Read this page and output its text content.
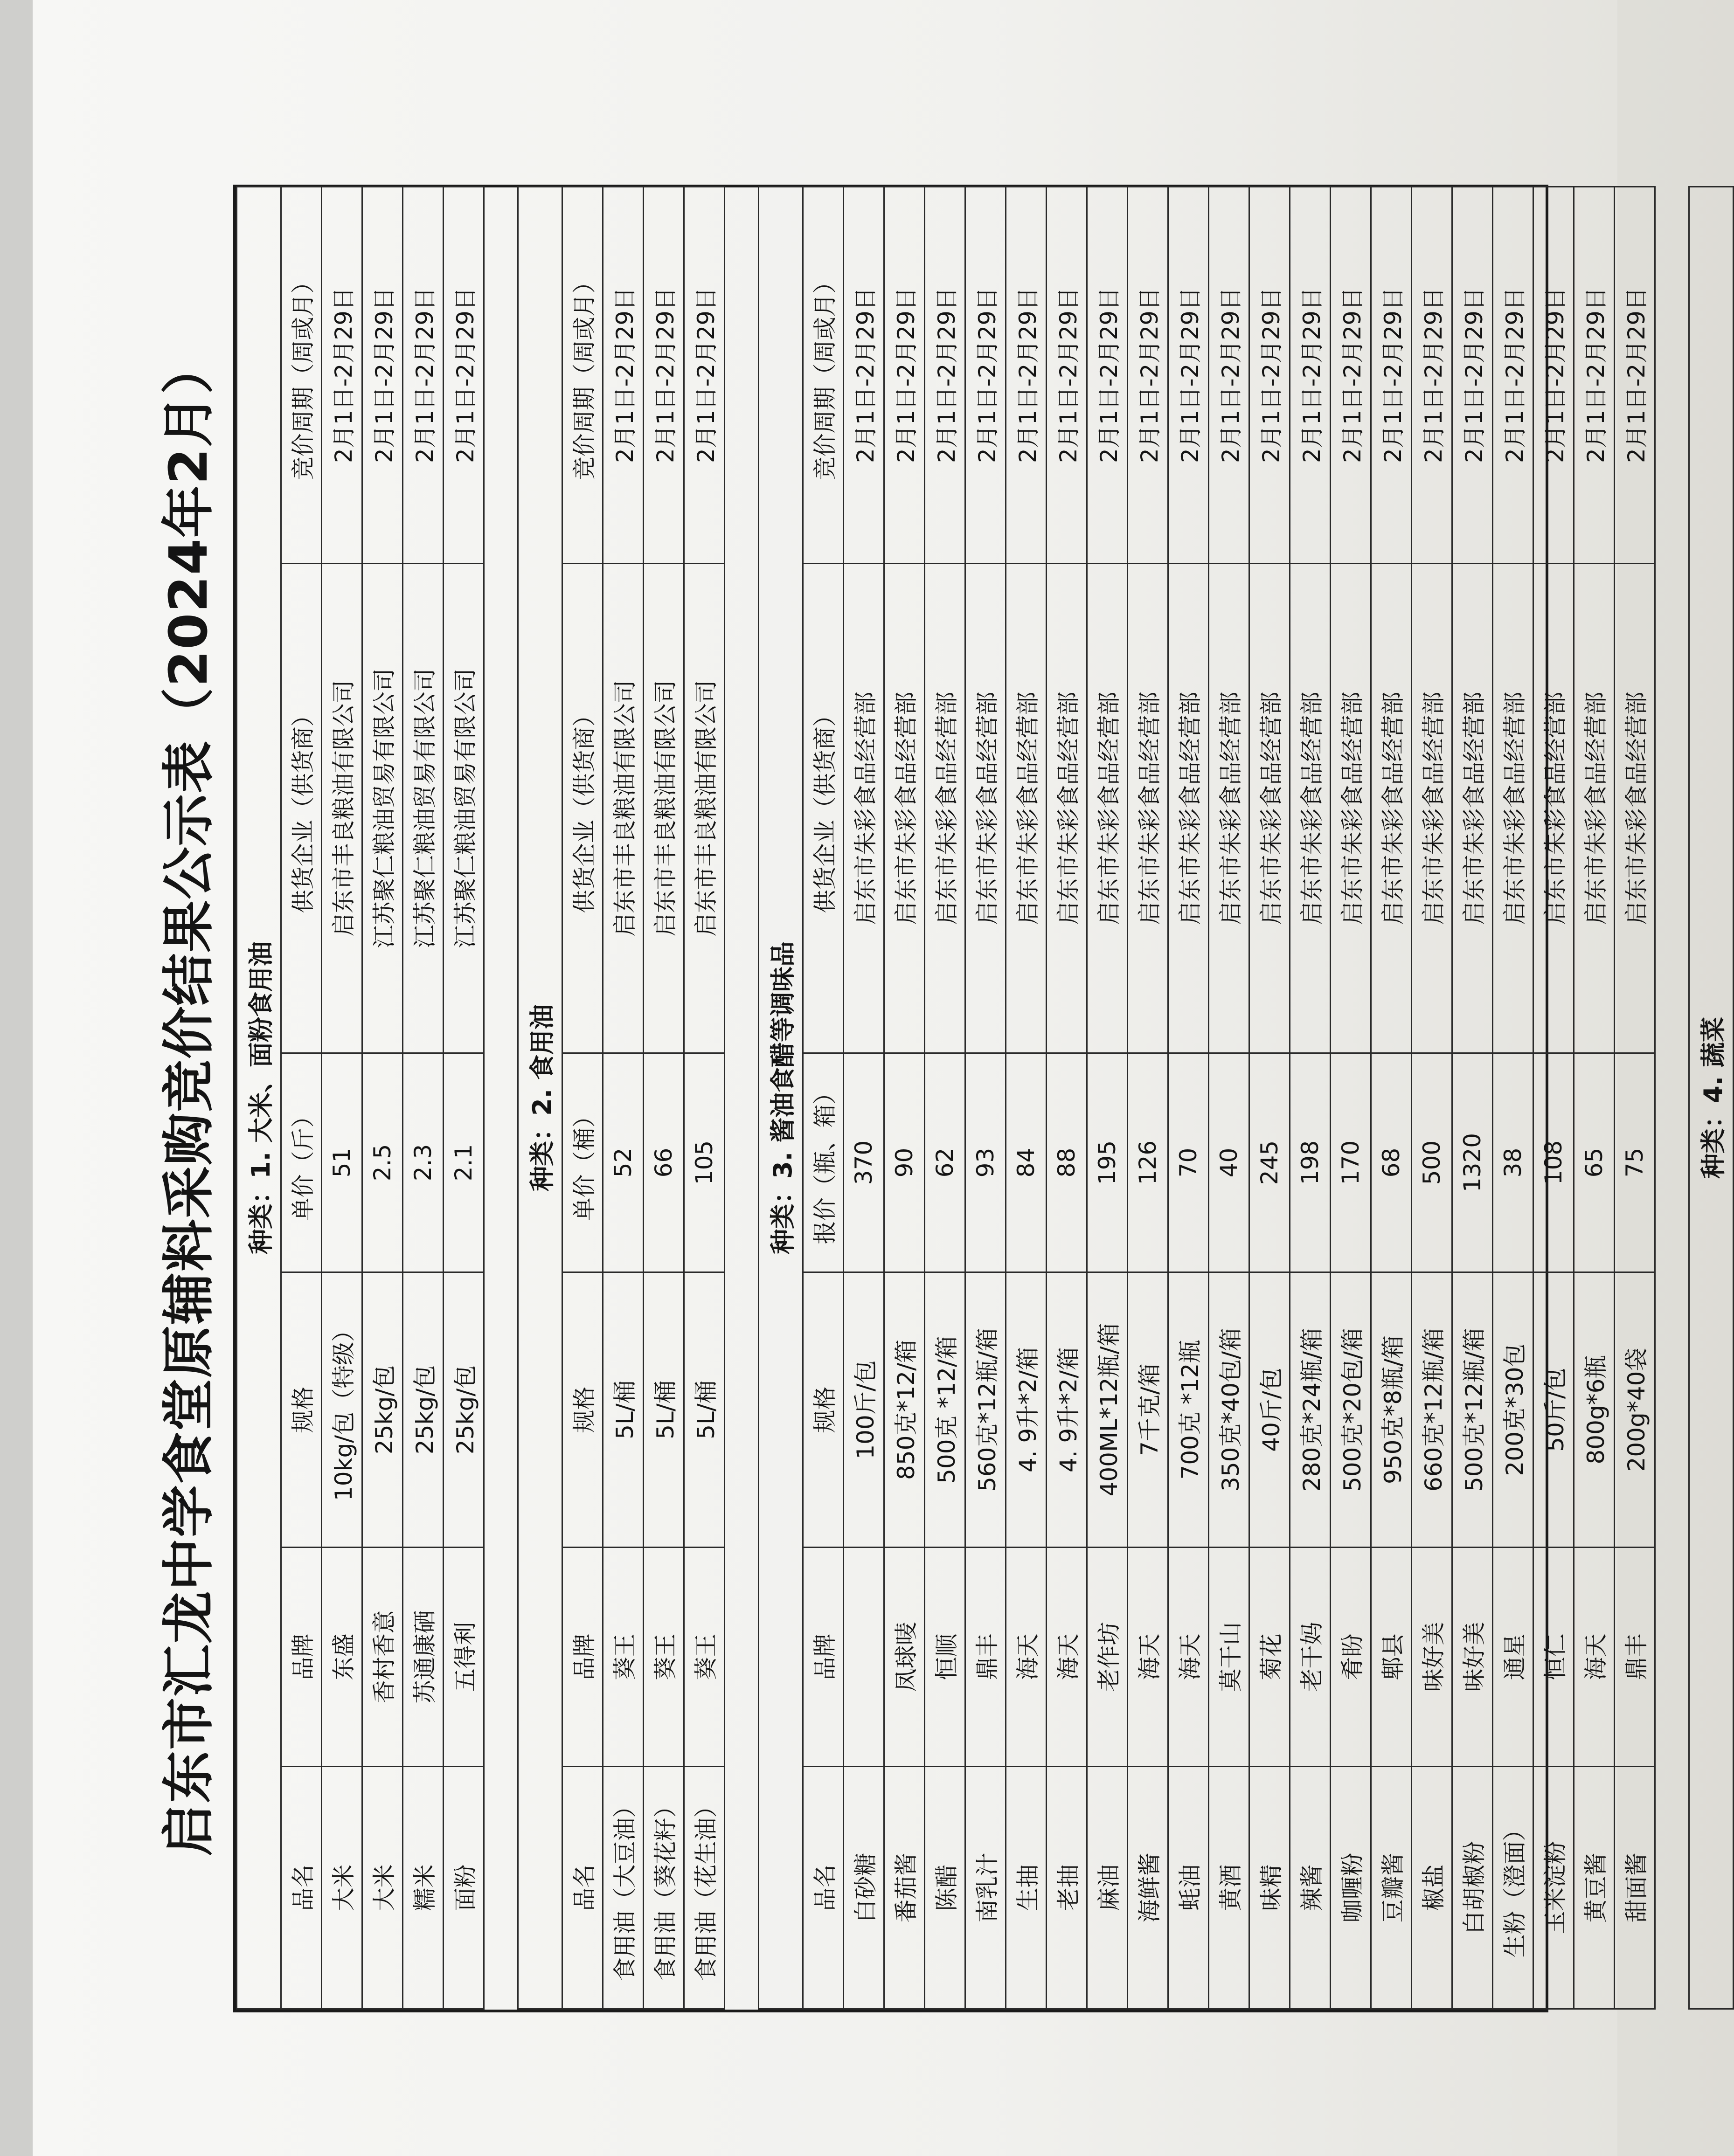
启东市汇龙中学食堂原辅料采购竞价结果公示表（2024年2月） 种类：1. 大米、面粉食用油					
品名	品牌	规格	单价（斤）	供货企业（供货商）	竞价周期（周或月）
大米	东盛	10kg/包（特级）	51	启东市丰良粮油有限公司	2月1日-2月29日
大米	香村香意	25kg/包	2.5	江苏聚仁粮油贸易有限公司	2月1日-2月29日
糯米	苏通康硒	25kg/包	2.3	江苏聚仁粮油贸易有限公司	2月1日-2月29日
面粉	五得利	25kg/包	2.1	江苏聚仁粮油贸易有限公司	2月1日-2月29日

种类：2. 食用油					
品名	品牌	规格	单价（桶）	供货企业（供货商）	竞价周期（周或月）
食用油（大豆油）	葵王	5L/桶	52	启东市丰良粮油有限公司	2月1日-2月29日
食用油（葵花籽）	葵王	5L/桶	66	启东市丰良粮油有限公司	2月1日-2月29日
食用油（花生油）	葵王	5L/桶	105	启东市丰良粮油有限公司	2月1日-2月29日

种类：3. 酱油食醋等调味品					
品名	品牌	规格	报价（瓶、箱）	供货企业（供货商）	竞价周期（周或月）
白砂糖		100斤/包	370	启东市朱彩食品经营部	2月1日-2月29日
番茄酱	凤球唛	850克*12/箱	90	启东市朱彩食品经营部	2月1日-2月29日
陈醋	恒顺	500克 *12/箱	62	启东市朱彩食品经营部	2月1日-2月29日
南乳汁	鼎丰	560克*12瓶/箱	93	启东市朱彩食品经营部	2月1日-2月29日
生抽	海天	4. 9升*2/箱	84	启东市朱彩食品经营部	2月1日-2月29日
老抽	海天	4. 9升*2/箱	88	启东市朱彩食品经营部	2月1日-2月29日
麻油	老作坊	400ML*12瓶/箱	195	启东市朱彩食品经营部	2月1日-2月29日
海鲜酱	海天	7千克/箱	126	启东市朱彩食品经营部	2月1日-2月29日
蚝油	海天	700克 *12瓶	70	启东市朱彩食品经营部	2月1日-2月29日
黄酒	莫干山	350克*40包/箱	40	启东市朱彩食品经营部	2月1日-2月29日
味精	菊花	40斤/包	245	启东市朱彩食品经营部	2月1日-2月29日
辣酱	老干妈	280克*24瓶/箱	198	启东市朱彩食品经营部	2月1日-2月29日
咖喱粉	肴盼	500克*20包/箱	170	启东市朱彩食品经营部	2月1日-2月29日
豆瓣酱	郫县	950克*8瓶/箱	68	启东市朱彩食品经营部	2月1日-2月29日
椒盐	味好美	660克*12瓶/箱	500	启东市朱彩食品经营部	2月1日-2月29日
白胡椒粉	味好美	500克*12瓶/箱	1320	启东市朱彩食品经营部	2月1日-2月29日
生粉（澄面）	通星	200克*30包	38	启东市朱彩食品经营部	2月1日-2月29日
玉米淀粉	恒仁	50斤/包	108	启东市朱彩食品经营部	2月1日-2月29日
黄豆酱	海天	800g*6瓶	65	启东市朱彩食品经营部	2月1日-2月29日
甜面酱	鼎丰	200g*40袋	75	启东市朱彩食品经营部	2月1日-2月29日

种类：4. 蔬菜					
